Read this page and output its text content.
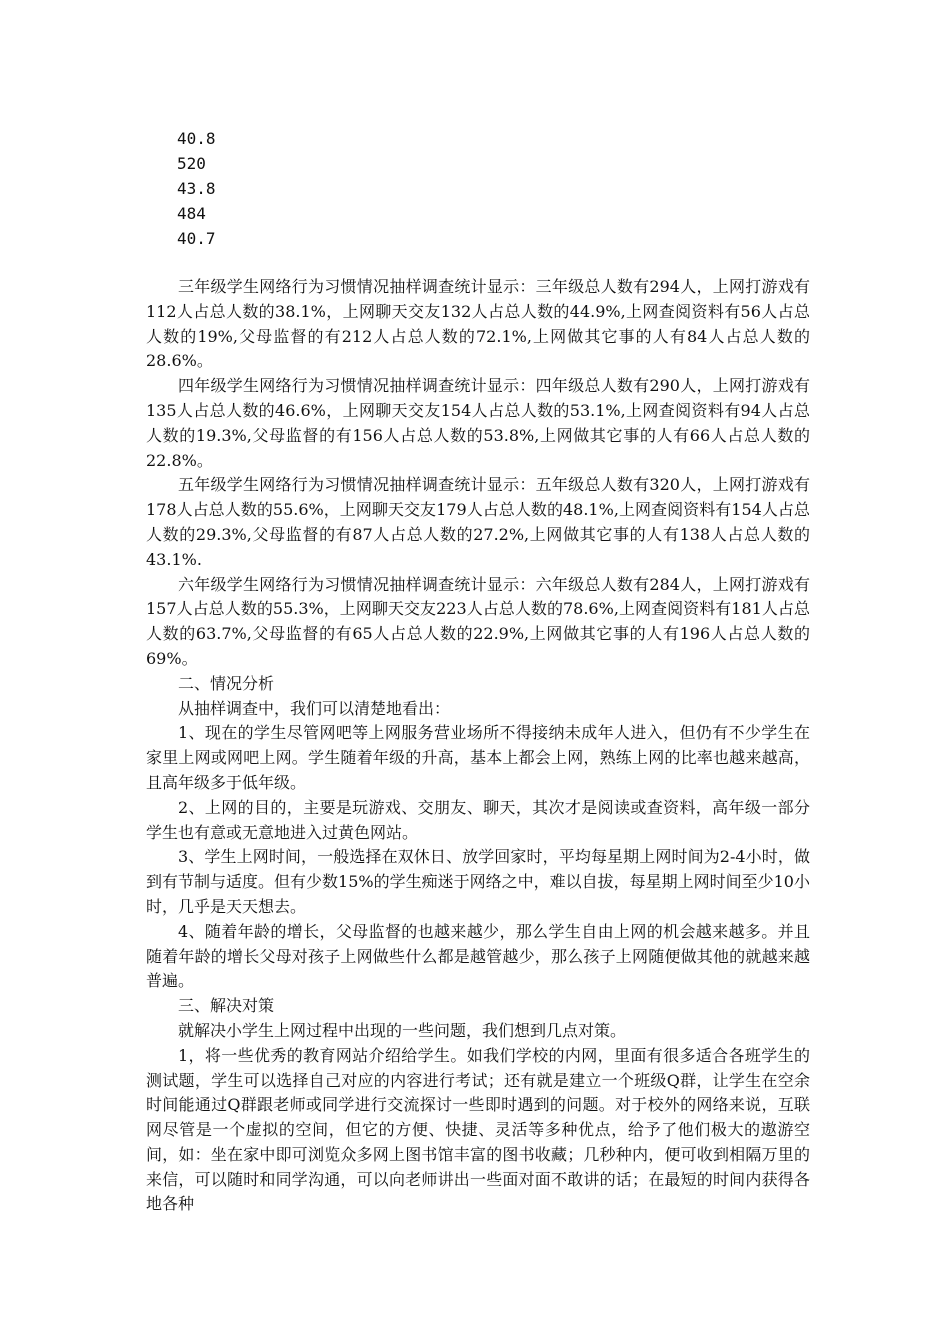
40.8
520
43.8
484
40.7

三年级学生网络行为习惯情况抽样调查统计显示：三年级总人数有294人，上网打游戏有112人占总人数的38.1%，上网聊天交友132人占总人数的44.9%,上网查阅资料有56人占总人数的19%,父母监督的有212人占总人数的72.1%,上网做其它事的人有84人占总人数的28.6%。

四年级学生网络行为习惯情况抽样调查统计显示：四年级总人数有290人，上网打游戏有135人占总人数的46.6%，上网聊天交友154人占总人数的53.1%,上网查阅资料有94人占总人数的19.3%,父母监督的有156人占总人数的53.8%,上网做其它事的人有66人占总人数的22.8%。

五年级学生网络行为习惯情况抽样调查统计显示：五年级总人数有320人，上网打游戏有178人占总人数的55.6%，上网聊天交友179人占总人数的48.1%,上网查阅资料有154人占总人数的29.3%,父母监督的有87人占总人数的27.2%,上网做其它事的人有138人占总人数的43.1%.

六年级学生网络行为习惯情况抽样调查统计显示：六年级总人数有284人，上网打游戏有157人占总人数的55.3%，上网聊天交友223人占总人数的78.6%,上网查阅资料有181人占总人数的63.7%,父母监督的有65人占总人数的22.9%,上网做其它事的人有196人占总人数的69%。

二、情况分析

从抽样调查中，我们可以清楚地看出：

1、现在的学生尽管网吧等上网服务营业场所不得接纳未成年人进入，但仍有不少学生在家里上网或网吧上网。学生随着年级的升高，基本上都会上网，熟练上网的比率也越来越高，且高年级多于低年级。

2、上网的目的，主要是玩游戏、交朋友、聊天，其次才是阅读或查资料，高年级一部分学生也有意或无意地进入过黄色网站。

3、学生上网时间，一般选择在双休日、放学回家时，平均每星期上网时间为2-4小时，做到有节制与适度。但有少数15%的学生痴迷于网络之中，难以自拔，每星期上网时间至少10小时，几乎是天天想去。

4、随着年龄的增长，父母监督的也越来越少，那么学生自由上网的机会越来越多。并且随着年龄的增长父母对孩子上网做些什么都是越管越少，那么孩子上网随便做其他的就越来越普遍。

三、解决对策

就解决小学生上网过程中出现的一些问题，我们想到几点对策。

1，将一些优秀的教育网站介绍给学生。如我们学校的内网，里面有很多适合各班学生的测试题，学生可以选择自己对应的内容进行考试；还有就是建立一个班级Q群，让学生在空余时间能通过Q群跟老师或同学进行交流探讨一些即时遇到的问题。对于校外的网络来说，互联网尽管是一个虚拟的空间，但它的方便、快捷、灵活等多种优点，给予了他们极大的遨游空间，如：坐在家中即可浏览众多网上图书馆丰富的图书收藏；几秒种内，便可收到相隔万里的来信，可以随时和同学沟通，可以向老师讲出一些面对面不敢讲的话；在最短的时间内获得各地各种
